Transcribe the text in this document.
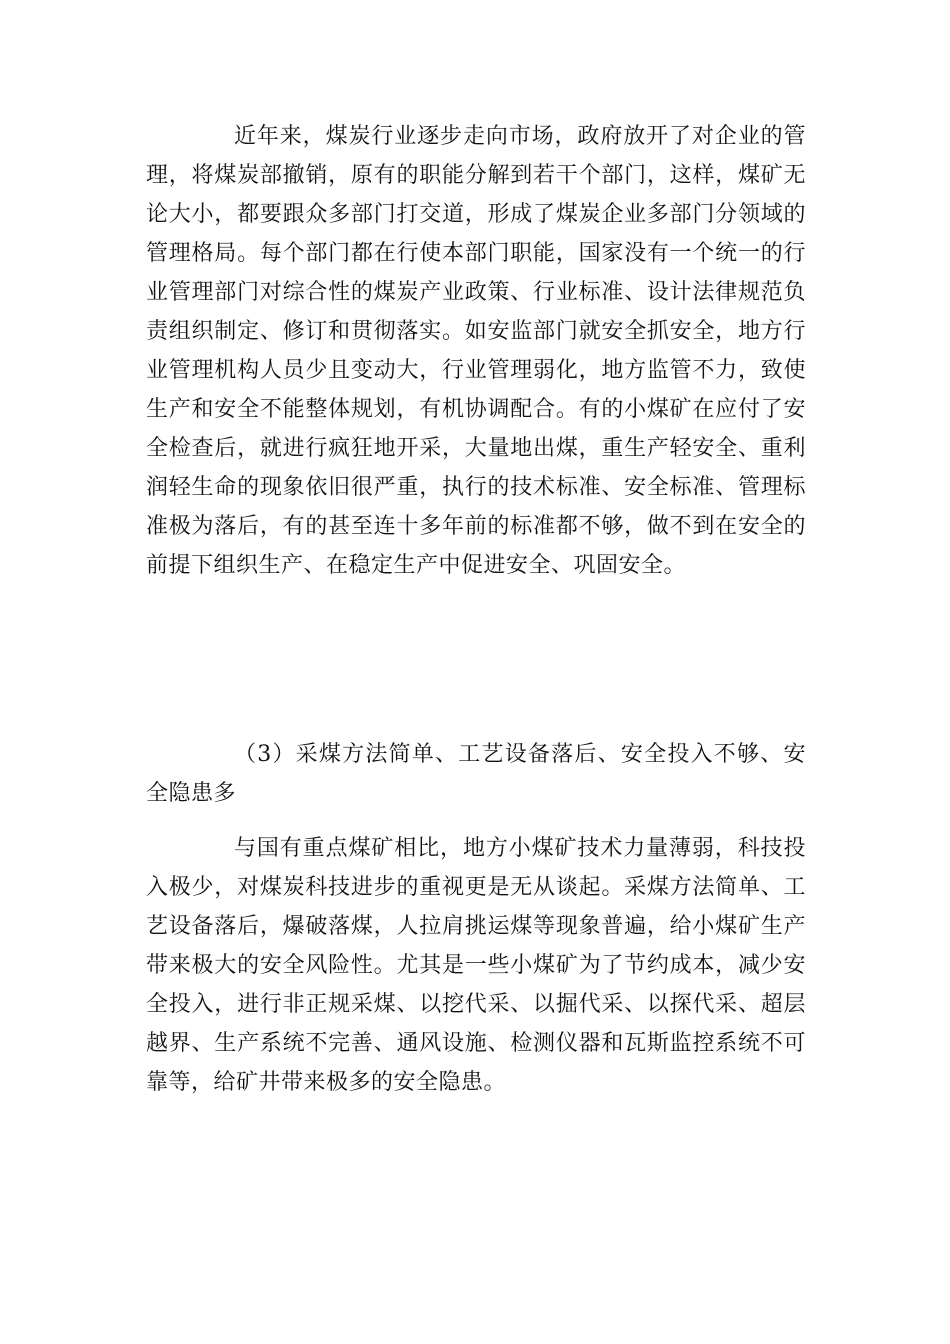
近年来，煤炭行业逐步走向市场，政府放开了对企业的管理，将煤炭部撤销，原有的职能分解到若干个部门，这样，煤矿无论大小，都要跟众多部门打交道，形成了煤炭企业多部门分领域的管理格局。每个部门都在行使本部门职能，国家没有一个统一的行业管理部门对综合性的煤炭产业政策、行业标准、设计法律规范负责组织制定、修订和贯彻落实。如安监部门就安全抓安全，地方行业管理机构人员少且变动大，行业管理弱化，地方监管不力，致使生产和安全不能整体规划，有机协调配合。有的小煤矿在应付了安全检查后，就进行疯狂地开采，大量地出煤，重生产轻安全、重利润轻生命的现象依旧很严重，执行的技术标准、安全标准、管理标准极为落后，有的甚至连十多年前的标准都不够，做不到在安全的前提下组织生产、在稳定生产中促进安全、巩固安全。

（3）采煤方法简单、工艺设备落后、安全投入不够、安全隐患多

与国有重点煤矿相比，地方小煤矿技术力量薄弱，科技投入极少，对煤炭科技进步的重视更是无从谈起。采煤方法简单、工艺设备落后，爆破落煤，人拉肩挑运煤等现象普遍，给小煤矿生产带来极大的安全风险性。尤其是一些小煤矿为了节约成本，减少安全投入，进行非正规采煤、以挖代采、以掘代采、以探代采、超层越界、生产系统不完善、通风设施、检测仪器和瓦斯监控系统不可靠等，给矿井带来极多的安全隐患。
